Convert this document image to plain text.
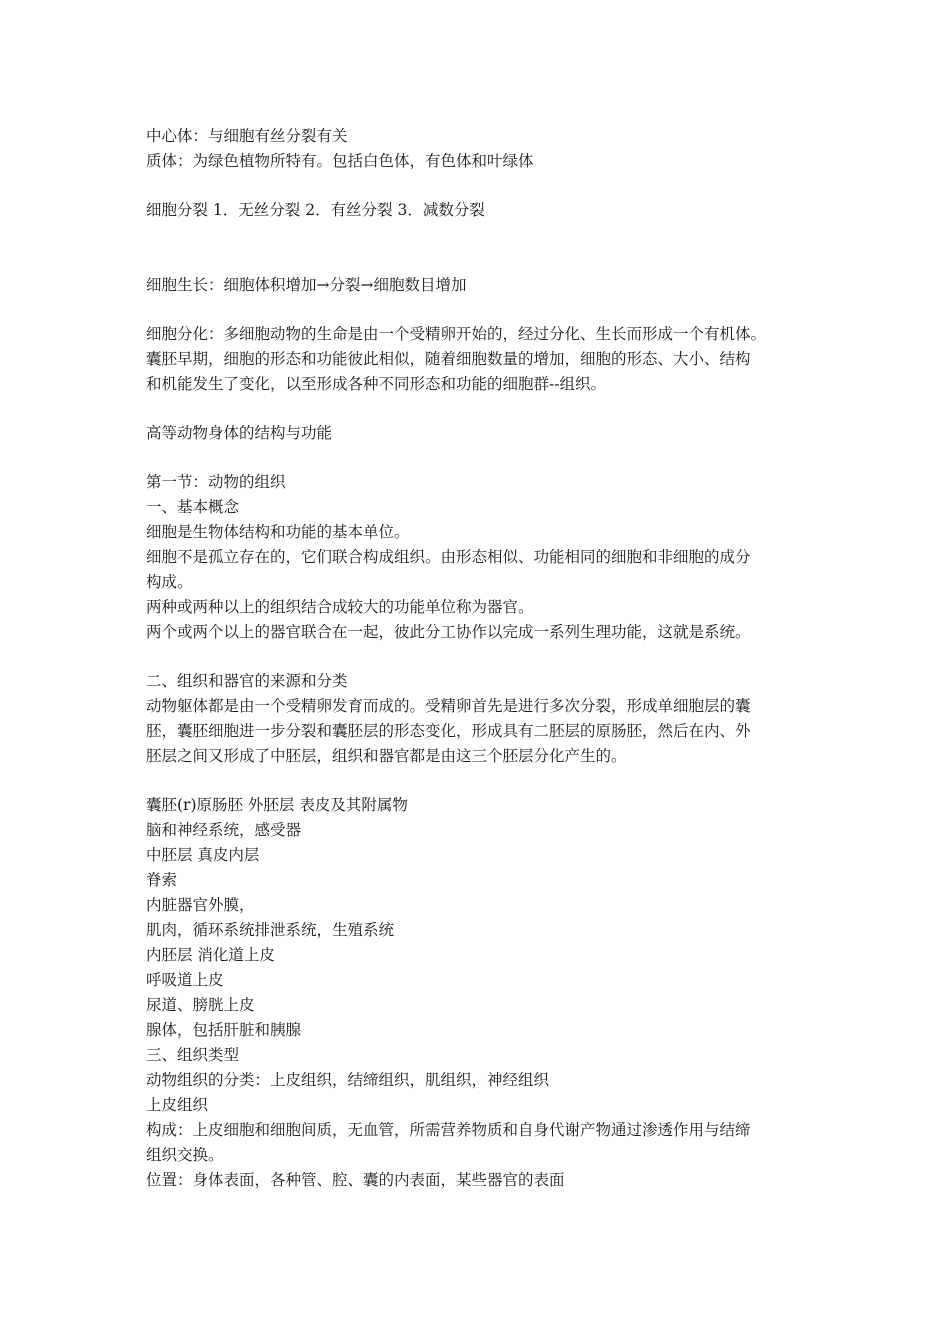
中心体：与细胞有丝分裂有关
质体：为绿色植物所特有。包括白色体，有色体和叶绿体
细胞分裂 1．无丝分裂 2．有丝分裂 3．减数分裂
细胞生长：细胞体积增加→分裂→细胞数目增加
细胞分化：多细胞动物的生命是由一个受精卵开始的，经过分化、生长而形成一个有机体。
囊胚早期，细胞的形态和功能彼此相似，随着细胞数量的增加，细胞的形态、大小、结构
和机能发生了变化，以至形成各种不同形态和功能的细胞群--组织。
高等动物身体的结构与功能
第一节：动物的组织
一、基本概念
细胞是生物体结构和功能的基本单位。
细胞不是孤立存在的，它们联合构成组织。由形态相似、功能相同的细胞和非细胞的成分
构成。
两种或两种以上的组织结合成较大的功能单位称为器官。
两个或两个以上的器官联合在一起，彼此分工协作以完成一系列生理功能，这就是系统。
二、组织和器官的来源和分类
动物躯体都是由一个受精卵发育而成的。受精卵首先是进行多次分裂，形成单细胞层的囊
胚，囊胚细胞进一步分裂和囊胚层的形态变化，形成具有二胚层的原肠胚，然后在内、外
胚层之间又形成了中胚层，组织和器官都是由这三个胚层分化产生的。
囊胚(r)原肠胚 外胚层 表皮及其附属物
脑和神经系统，感受器
中胚层 真皮内层
脊索
内脏器官外膜，
肌肉，循环系统排泄系统，生殖系统
内胚层 消化道上皮
呼吸道上皮
尿道、膀胱上皮
腺体，包括肝脏和胰腺
三、组织类型
动物组织的分类：上皮组织，结缔组织，肌组织，神经组织
上皮组织
构成：上皮细胞和细胞间质，无血管，所需营养物质和自身代谢产物通过渗透作用与结缔
组织交换。
位置：身体表面，各种管、腔、囊的内表面，某些器官的表面
